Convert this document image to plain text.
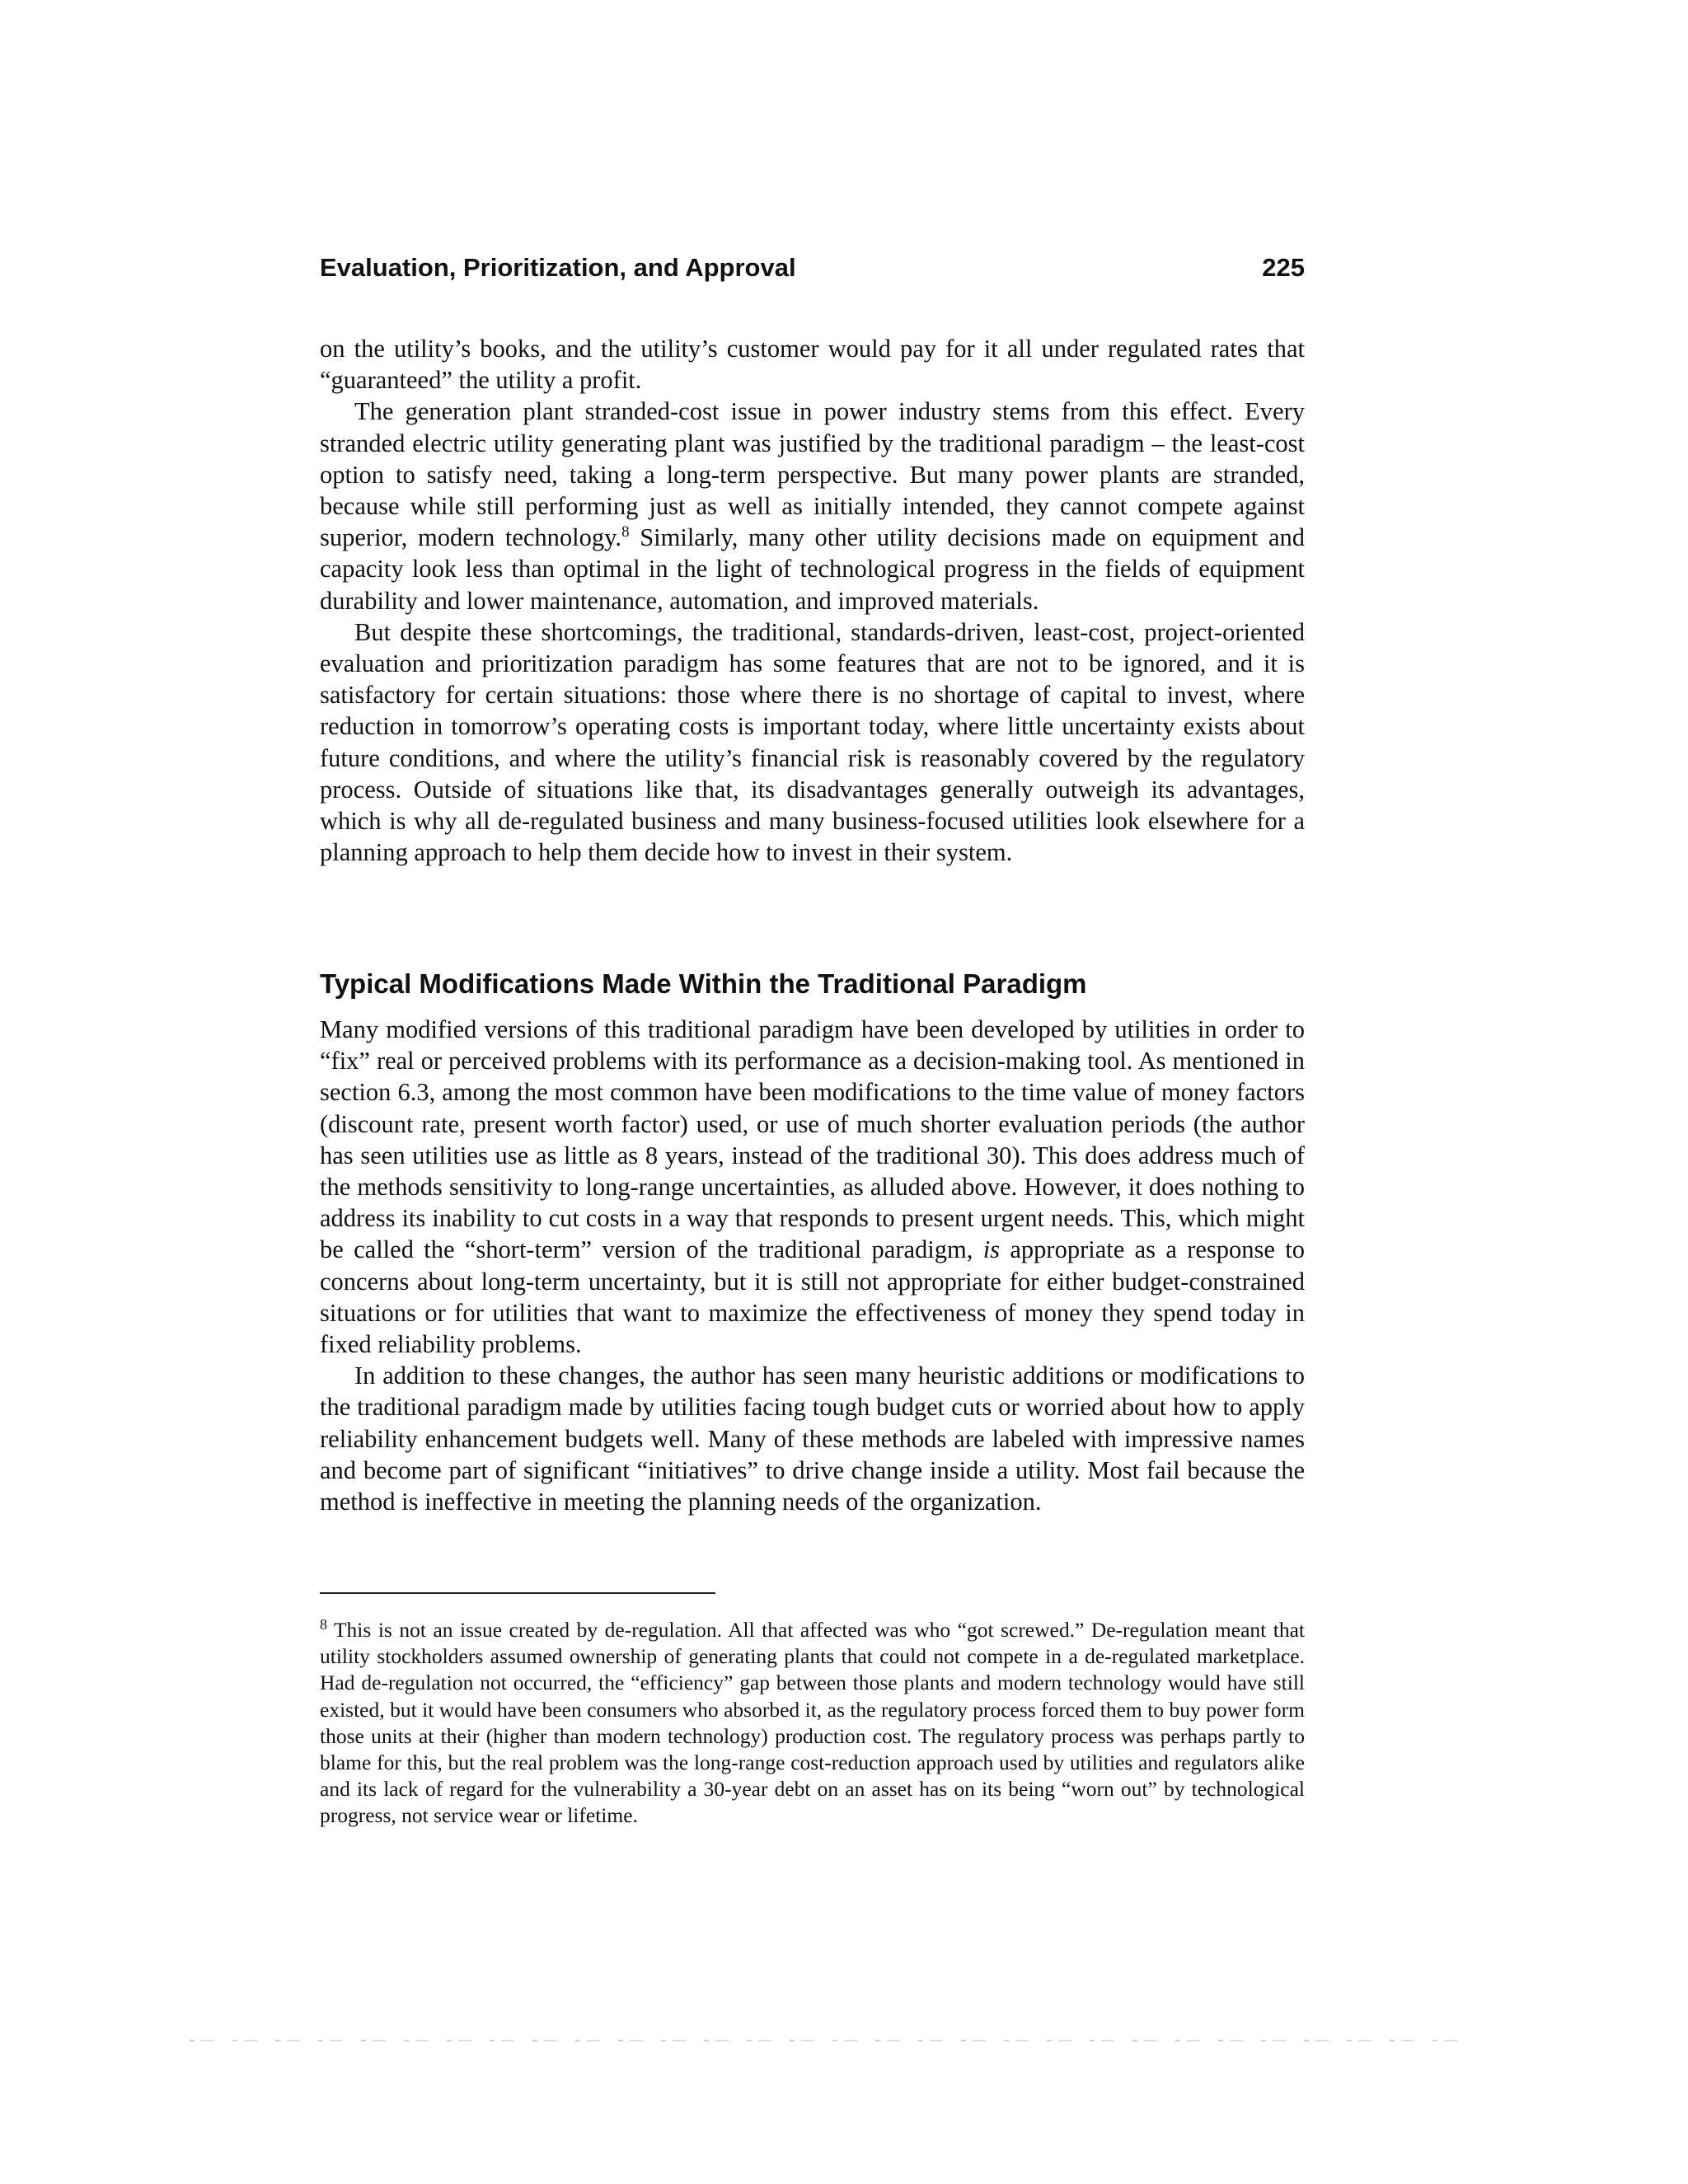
Evaluation, Prioritization, and Approval	225

on the utility’s books, and the utility’s customer would pay for it all under regulated rates that “guaranteed” the utility a profit.

The generation plant stranded-cost issue in power industry stems from this effect. Every stranded electric utility generating plant was justified by the traditional paradigm – the least-cost option to satisfy need, taking a long-term perspective. But many power plants are stranded, because while still performing just as well as initially intended, they cannot compete against superior, modern technology.$^8$ Similarly, many other utility decisions made on equipment and capacity look less than optimal in the light of technological progress in the fields of equipment durability and lower maintenance, automation, and improved materials.

But despite these shortcomings, the traditional, standards-driven, least-cost, project-oriented evaluation and prioritization paradigm has some features that are not to be ignored, and it is satisfactory for certain situations: those where there is no shortage of capital to invest, where reduction in tomorrow’s operating costs is important today, where little uncertainty exists about future conditions, and where the utility’s financial risk is reasonably covered by the regulatory process. Outside of situations like that, its disadvantages generally outweigh its advantages, which is why all de-regulated business and many business-focused utilities look elsewhere for a planning approach to help them decide how to invest in their system.

Typical Modifications Made Within the Traditional Paradigm

Many modified versions of this traditional paradigm have been developed by utilities in order to “fix” real or perceived problems with its performance as a decision-making tool. As mentioned in section 6.3, among the most common have been modifications to the time value of money factors (discount rate, present worth factor) used, or use of much shorter evaluation periods (the author has seen utilities use as little as 8 years, instead of the traditional 30). This does address much of the methods sensitivity to long-range uncertainties, as alluded above. However, it does nothing to address its inability to cut costs in a way that responds to present urgent needs. This, which might be called the “short-term” version of the traditional paradigm, is appropriate as a response to concerns about long-term uncertainty, but it is still not appropriate for either budget-constrained situations or for utilities that want to maximize the effectiveness of money they spend today in fixed reliability problems.

In addition to these changes, the author has seen many heuristic additions or modifications to the traditional paradigm made by utilities facing tough budget cuts or worried about how to apply reliability enhancement budgets well. Many of these methods are labeled with impressive names and become part of significant “initiatives” to drive change inside a utility. Most fail because the method is ineffective in meeting the planning needs of the organization.

$^8$ This is not an issue created by de-regulation. All that affected was who “got screwed.” De-regulation meant that utility stockholders assumed ownership of generating plants that could not compete in a de-regulated marketplace. Had de-regulation not occurred, the “efficiency” gap between those plants and modern technology would have still existed, but it would have been consumers who absorbed it, as the regulatory process forced them to buy power form those units at their (higher than modern technology) production cost. The regulatory process was perhaps partly to blame for this, but the real problem was the long-range cost-reduction approach used by utilities and regulators alike and its lack of regard for the vulnerability a 30-year debt on an asset has on its being “worn out” by technological progress, not service wear or lifetime.
